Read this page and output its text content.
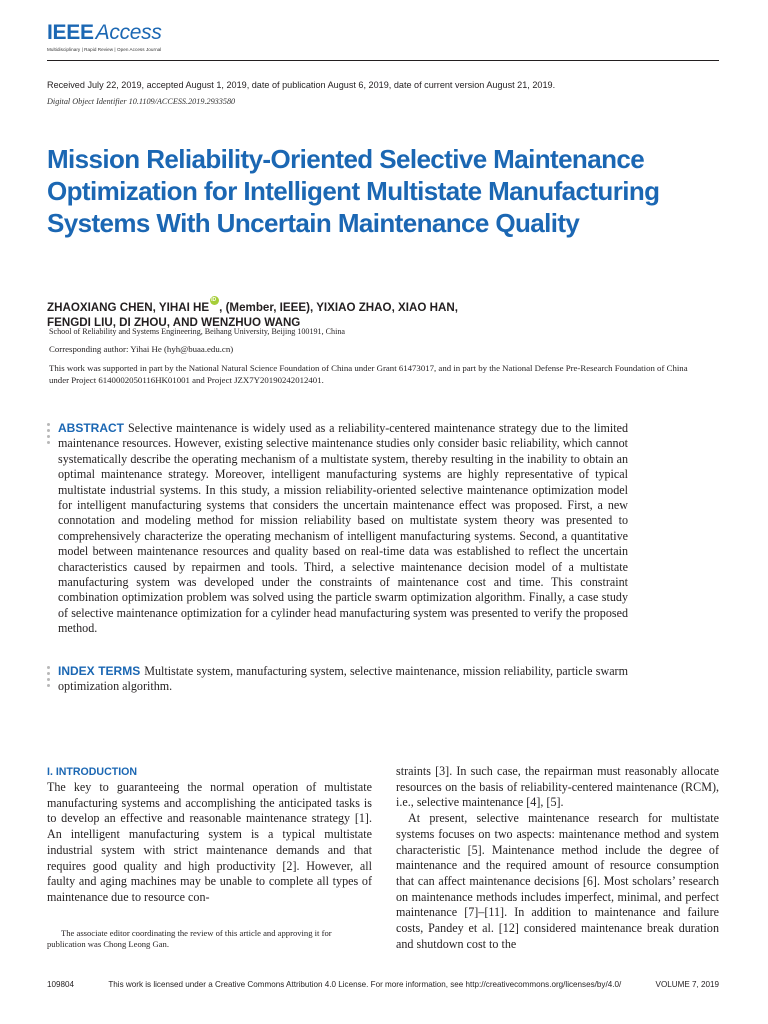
IEEEAccess
Multidisciplinary | Rapid Review | Open Access Journal
Received July 22, 2019, accepted August 1, 2019, date of publication August 6, 2019, date of current version August 21, 2019.
Digital Object Identifier 10.1109/ACCESS.2019.2933580
Mission Reliability-Oriented Selective Maintenance Optimization for Intelligent Multistate Manufacturing Systems With Uncertain Maintenance Quality
ZHAOXIANG CHEN, YIHAI HEiD , (Member, IEEE), YIXIAO ZHAO, XIAO HAN,
FENGDI LIU, DI ZHOU, AND WENZHUO WANG
School of Reliability and Systems Engineering, Beihang University, Beijing 100191, China
Corresponding author: Yihai He (hyh@buaa.edu.cn)
This work was supported in part by the National Natural Science Foundation of China under Grant 61473017, and in part by the National Defense Pre-Research Foundation of China under Project 6140002050116HK01001 and Project JZX7Y20190242012401.
ABSTRACT Selective maintenance is widely used as a reliability-centered maintenance strategy due to the limited maintenance resources. However, existing selective maintenance studies only consider basic reliability, which cannot systematically describe the operating mechanism of a multistate system, thereby resulting in the inability to obtain an optimal maintenance strategy. Moreover, intelligent manufacturing systems are highly representative of typical multistate industrial systems. In this study, a mission reliability-oriented selective maintenance optimization model for intelligent manufacturing systems that considers the uncertain maintenance effect was proposed. First, a new connotation and modeling method for mission reliability based on multistate system theory was presented to comprehensively characterize the operating mechanism of intelligent manufacturing systems. Second, a quantitative model between maintenance resources and quality based on real-time data was established to reflect the uncertain characteristics caused by repairmen and tools. Third, a selective maintenance decision model of a multistate manufacturing system was developed under the constraints of maintenance cost and time. This constraint combination optimization problem was solved using the particle swarm optimization algorithm. Finally, a case study of selective maintenance optimization for a cylinder head manufacturing system was presented to verify the proposed method.
INDEX TERMS Multistate system, manufacturing system, selective maintenance, mission reliability, particle swarm optimization algorithm.
I. INTRODUCTION

The key to guaranteeing the normal operation of multistate manufacturing systems and accomplishing the anticipated tasks is to develop an effective and reasonable maintenance strategy [1]. An intelligent manufacturing system is a typical multistate industrial system with strict maintenance demands and that requires good quality and high productivity [2]. However, all faulty and aging machines may be unable to complete all types of maintenance due to resource con-

The associate editor coordinating the review of this article and approving it for publication was Chong Leong Gan.

straints [3]. In such case, the repairman must reasonably allocate resources on the basis of reliability-centered maintenance (RCM), i.e., selective maintenance [4], [5].

At present, selective maintenance research for multistate systems focuses on two aspects: maintenance method and system characteristic [5]. Maintenance method include the degree of maintenance and the required amount of resource consumption that can affect maintenance decisions [6]. Most scholars’ research on maintenance methods includes imperfect, minimal, and perfect maintenance [7]–[11]. In addition to maintenance and failure costs, Pandey et al. [12] considered maintenance break duration and shutdown cost to the

109804	This work is licensed under a Creative Commons Attribution 4.0 License. For more information, see http://creativecommons.org/licenses/by/4.0/	VOLUME 7, 2019
